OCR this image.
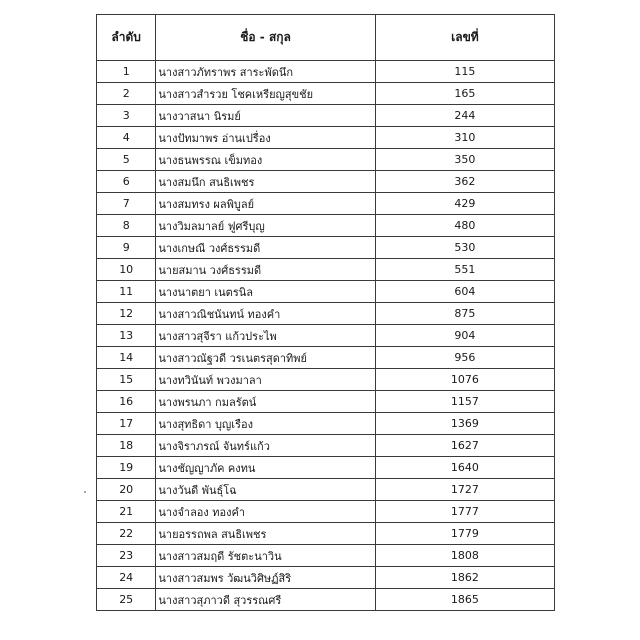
ลำดับ	ชื่อ - สกุล	เลขที่
1	นางสาวภัทราพร สาระพัดนึก	115
2	นางสาวสำรวย โชคเหรียญสุขชัย	165
3	นางวาสนา นิรมย์	244
4	นางปัทมาพร อ่านเปรื่อง	310
5	นางธนพรรณ เข็มทอง	350
6	นางสมนึก สนธิเพชร	362
7	นางสมทรง ผลพิบูลย์	429
8	นางวิมลมาลย์ ฟูศรีบุญ	480
9	นางเกษณี วงศ์ธรรมดี	530
10	นายสมาน วงศ์ธรรมดี	551
11	นางนาตยา เนตรนิล	604
12	นางสาวณิชนันทน์ ทองคำ	875
13	นางสาวสุจีรา แก้วประไพ	904
14	นางสาวณัฐวดี วรเนตรสุดาทิพย์	956
15	นางทวินันท์ พวงมาลา	1076
16	นางพรนภา กมลรัตน์	1157
17	นางสุทธิดา บุญเรือง	1369
18	นางจิราภรณ์ จันทร์แก้ว	1627
19	นางชัญญาภัค คงทน	1640
20	นางวันดี พันธุ์โฉ	1727
21	นางจำลอง ทองคำ	1777
22	นายอรรถพล สนธิเพชร	1779
23	นางสาวสมฤดี รัชตะนาวิน	1808
24	นางสาวสมพร วัฒนวิศิษฏ์สิริ	1862
25	นางสาวสุภาวดี สุวรรณศรี	1865
